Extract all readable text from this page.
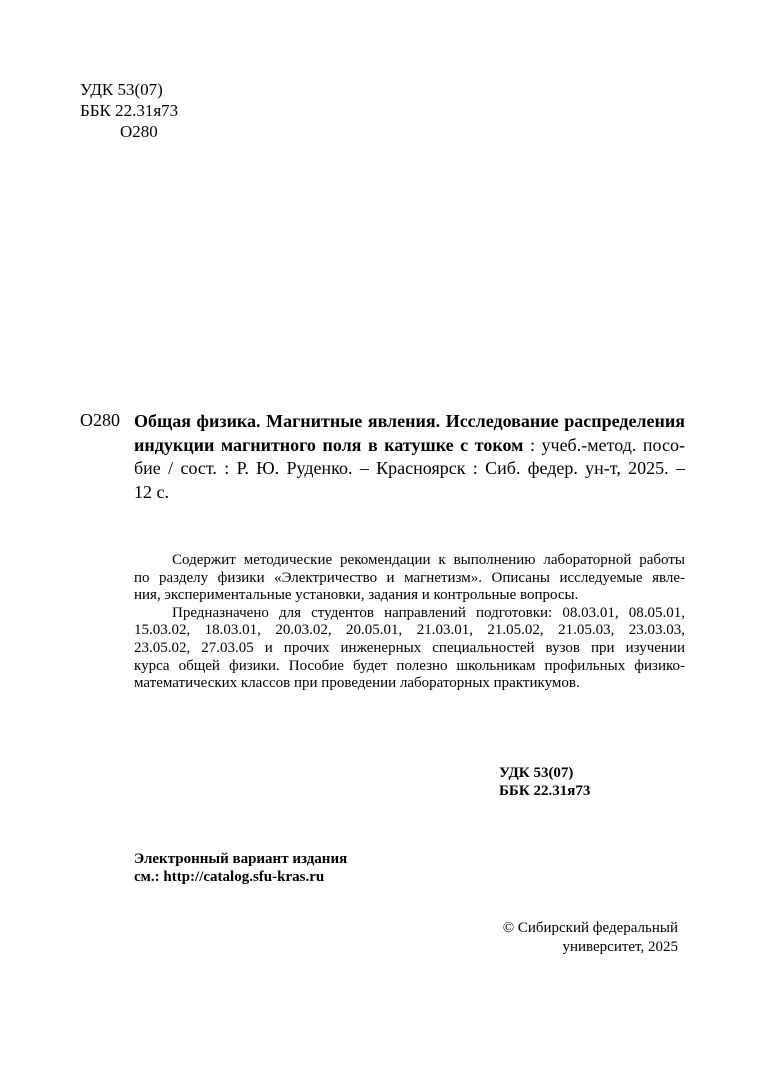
УДК 53(07)
ББК 22.31я73
О280
О280 Общая физика. Магнитные явления. Исследование распределения
индукции магнитного поля в катушке с током : учеб.-метод. посо-
бие / сост. : Р. Ю. Руденко. – Красноярск : Сиб. федер. ун-т, 2025. –
12 с.
Содержит методические рекомендации к выполнению лабораторной работы
по разделу физики «Электричество и магнетизм». Описаны исследуемые явле-
ния, экспериментальные установки, задания и контрольные вопросы.
Предназначено для студентов направлений подготовки: 08.03.01, 08.05.01,
15.03.02, 18.03.01, 20.03.02, 20.05.01, 21.03.01, 21.05.02, 21.05.03, 23.03.03,
23.05.02, 27.03.05 и прочих инженерных специальностей вузов при изучении
курса общей физики. Пособие будет полезно школьникам профильных физико-
математических классов при проведении лабораторных практикумов.
УДК 53(07)
ББК 22.31я73
Электронный вариант издания
см.: http://catalog.sfu-kras.ru
© Сибирский федеральный
университет, 2025
